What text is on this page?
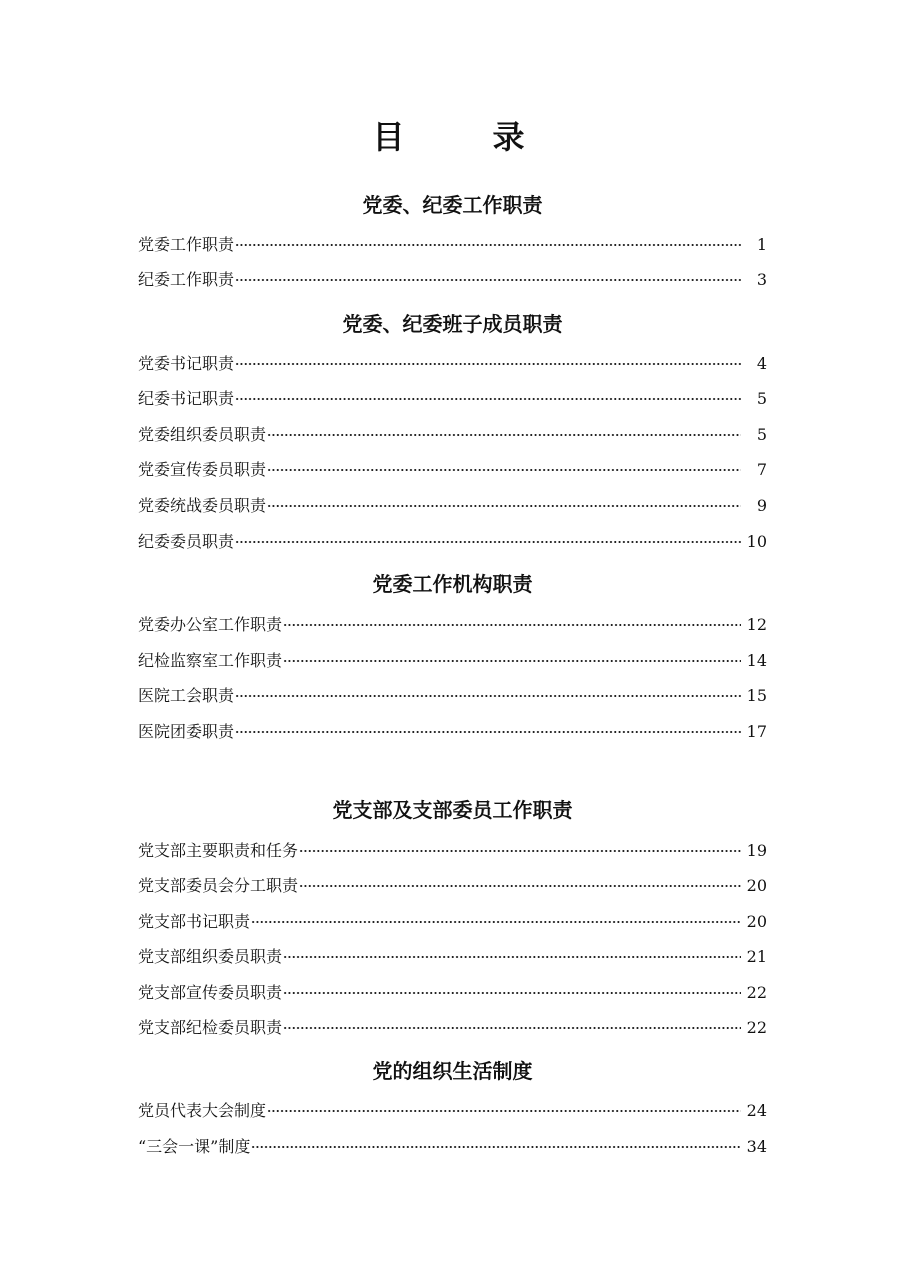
目　录
党委、纪委工作职责
党委工作职责	1
纪委工作职责	3
党委、纪委班子成员职责
党委书记职责	4
纪委书记职责	5
党委组织委员职责	5
党委宣传委员职责	7
党委统战委员职责	9
纪委委员职责	10
党委工作机构职责
党委办公室工作职责	12
纪检监察室工作职责	14
医院工会职责	15
医院团委职责	17
党支部及支部委员工作职责
党支部主要职责和任务	19
党支部委员会分工职责	20
党支部书记职责	20
党支部组织委员职责	21
党支部宣传委员职责	22
党支部纪检委员职责	22
党的组织生活制度
党员代表大会制度	24
“三会一课”制度	34
